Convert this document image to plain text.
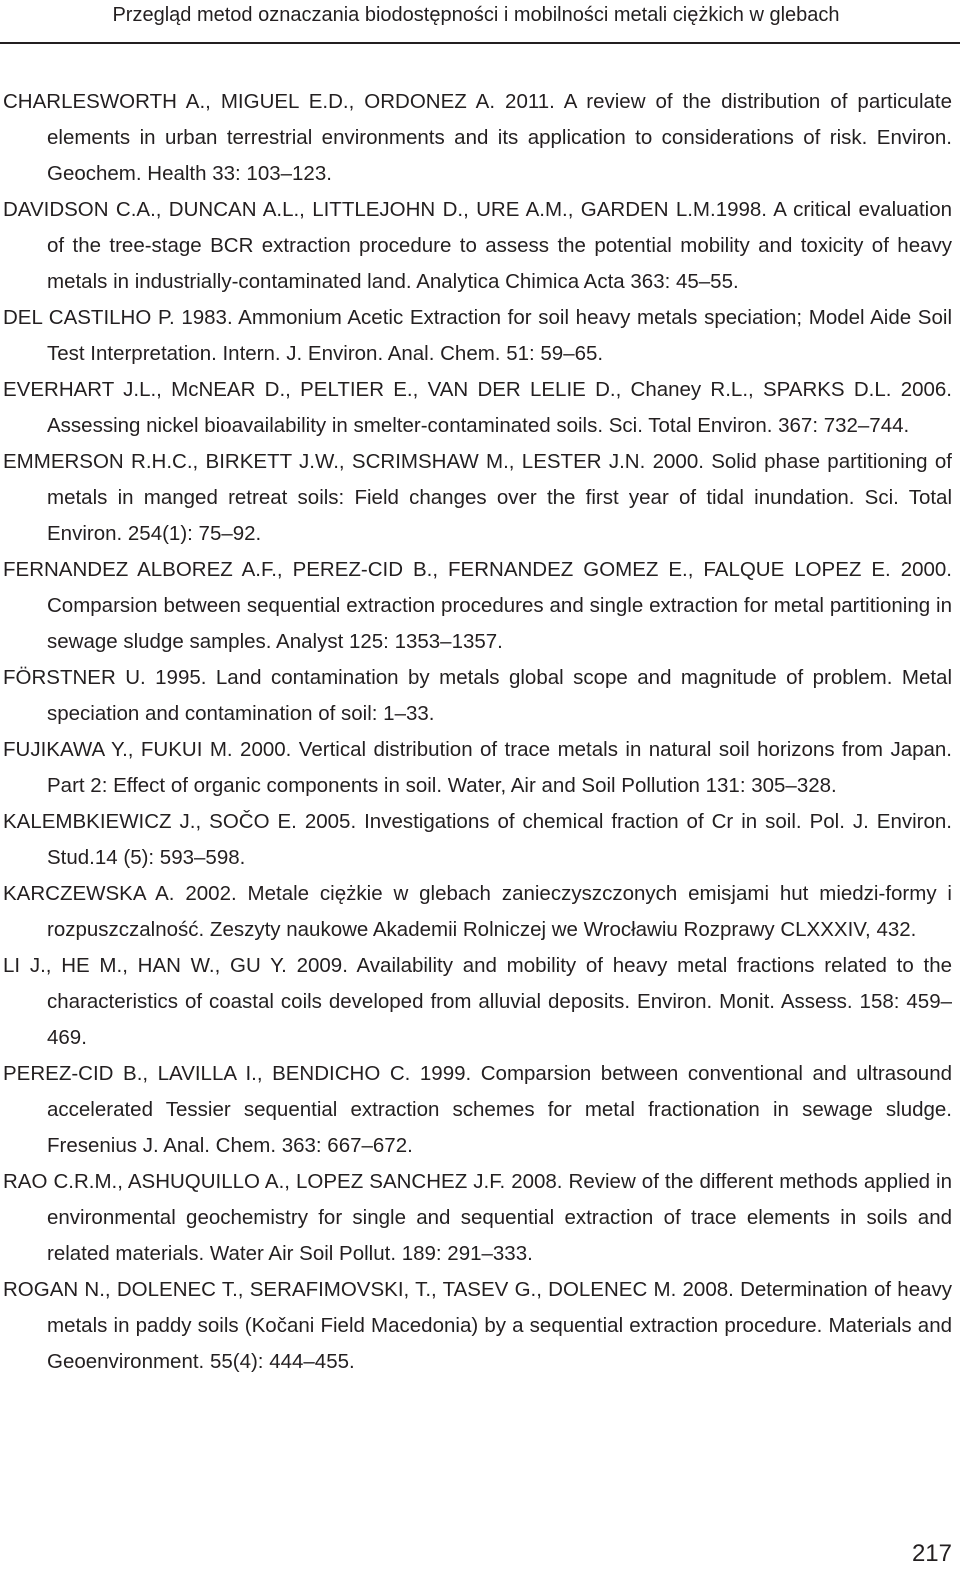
Przegląd metod oznaczania biodostępności i mobilności metali ciężkich w glebach
CHARLESWORTH A., MIGUEL E.D., ORDONEZ A. 2011. A review of the distribution of particulate elements in urban terrestrial environments and its application to considerations of risk. Environ. Geochem. Health 33: 103–123.
DAVIDSON C.A., DUNCAN A.L., LITTLEJOHN D., URE A.M., GARDEN L.M.1998. A critical evaluation of the tree-stage BCR extraction procedure to assess the potential mobility and toxicity of heavy metals in industrially-contaminated land. Analytica Chimica Acta 363: 45–55.
DEL CASTILHO P. 1983. Ammonium Acetic Extraction for soil heavy metals speciation; Model Aide Soil Test Interpretation. Intern. J. Environ. Anal. Chem. 51: 59–65.
EVERHART J.L., McNEAR D., PELTIER E., VAN DER LELIE D., Chaney R.L., SPARKS D.L. 2006. Assessing nickel bioavailability in smelter-contaminated soils. Sci. Total Environ. 367: 732–744.
EMMERSON R.H.C., BIRKETT J.W., SCRIMSHAW M., LESTER J.N. 2000. Solid phase partitioning of metals in manged retreat soils: Field changes over the first year of tidal inundation. Sci. Total Environ. 254(1): 75–92.
FERNANDEZ ALBOREZ A.F., PEREZ-CID B., FERNANDEZ GOMEZ E., FALQUE LOPEZ E. 2000. Comparsion between sequential extraction procedures and single extraction for metal partitioning in sewage sludge samples. Analyst 125: 1353–1357.
FÖRSTNER U. 1995. Land contamination by metals global scope and magnitude of problem. Metal speciation and contamination of soil: 1–33.
FUJIKAWA Y., FUKUI M. 2000. Vertical distribution of trace metals in natural soil horizons from Japan. Part 2: Effect of organic components in soil. Water, Air and Soil Pollution 131: 305–328.
KALEMBKIEWICZ J., SOČO E. 2005. Investigations of chemical fraction of Cr in soil. Pol. J. Environ. Stud.14 (5): 593–598.
KARCZEWSKA A. 2002. Metale ciężkie w glebach zanieczyszczonych emisjami hut miedzi-formy i rozpuszczalność. Zeszyty naukowe Akademii Rolniczej we Wrocławiu Rozprawy CLXXXIV, 432.
LI J., HE M., HAN W., GU Y. 2009. Availability and mobility of heavy metal fractions related to the characteristics of coastal coils developed from alluvial deposits. Environ. Monit. Assess. 158: 459–469.
PEREZ-CID B., LAVILLA I., BENDICHO C. 1999. Comparsion between conventional and ultrasound accelerated Tessier sequential extraction schemes for metal fractionation in sewage sludge. Fresenius J. Anal. Chem. 363: 667–672.
RAO C.R.M., ASHUQUILLO A., LOPEZ SANCHEZ J.F. 2008. Review of the different methods applied in environmental geochemistry for single and sequential extraction of trace elements in soils and related materials. Water Air Soil Pollut. 189: 291–333.
ROGAN N., DOLENEC T., SERAFIMOVSKI, T., TASEV G., DOLENEC M. 2008. Determination of heavy metals in paddy soils (Kočani Field Macedonia) by a sequential extraction procedure. Materials and Geoenvironment. 55(4): 444–455.
217
